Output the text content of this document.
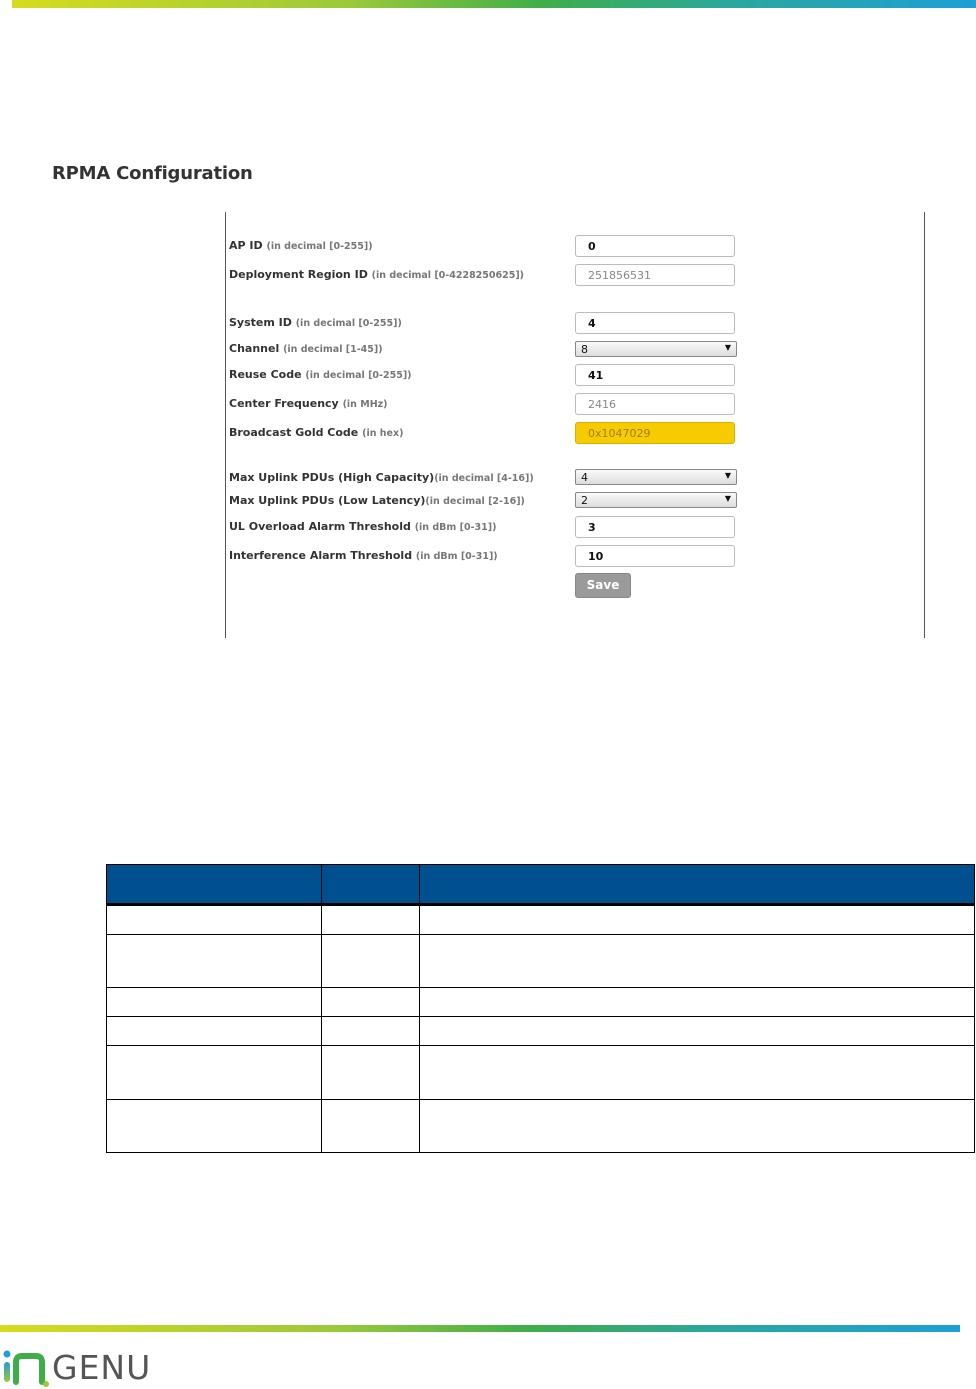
RPMA Configuration
AP ID (in decimal [0-255])	0
Deployment Region ID (in decimal [0-4228250625])	251856531
System ID (in decimal [0-255])	4
Channel (in decimal [1-45])	8	▼
Reuse Code (in decimal [0-255])	41
Center Frequency (in MHz)	2416
Broadcast Gold Code (in hex)	0x1047029
Max Uplink PDUs (High Capacity)(in decimal [4-16])	4	▼
Max Uplink PDUs (Low Latency)(in decimal [2-16])	2	▼
UL Overload Alarm Threshold (in dBm [0-31])	3
Interference Alarm Threshold (in dBm [0-31])	10
Save

GENU
